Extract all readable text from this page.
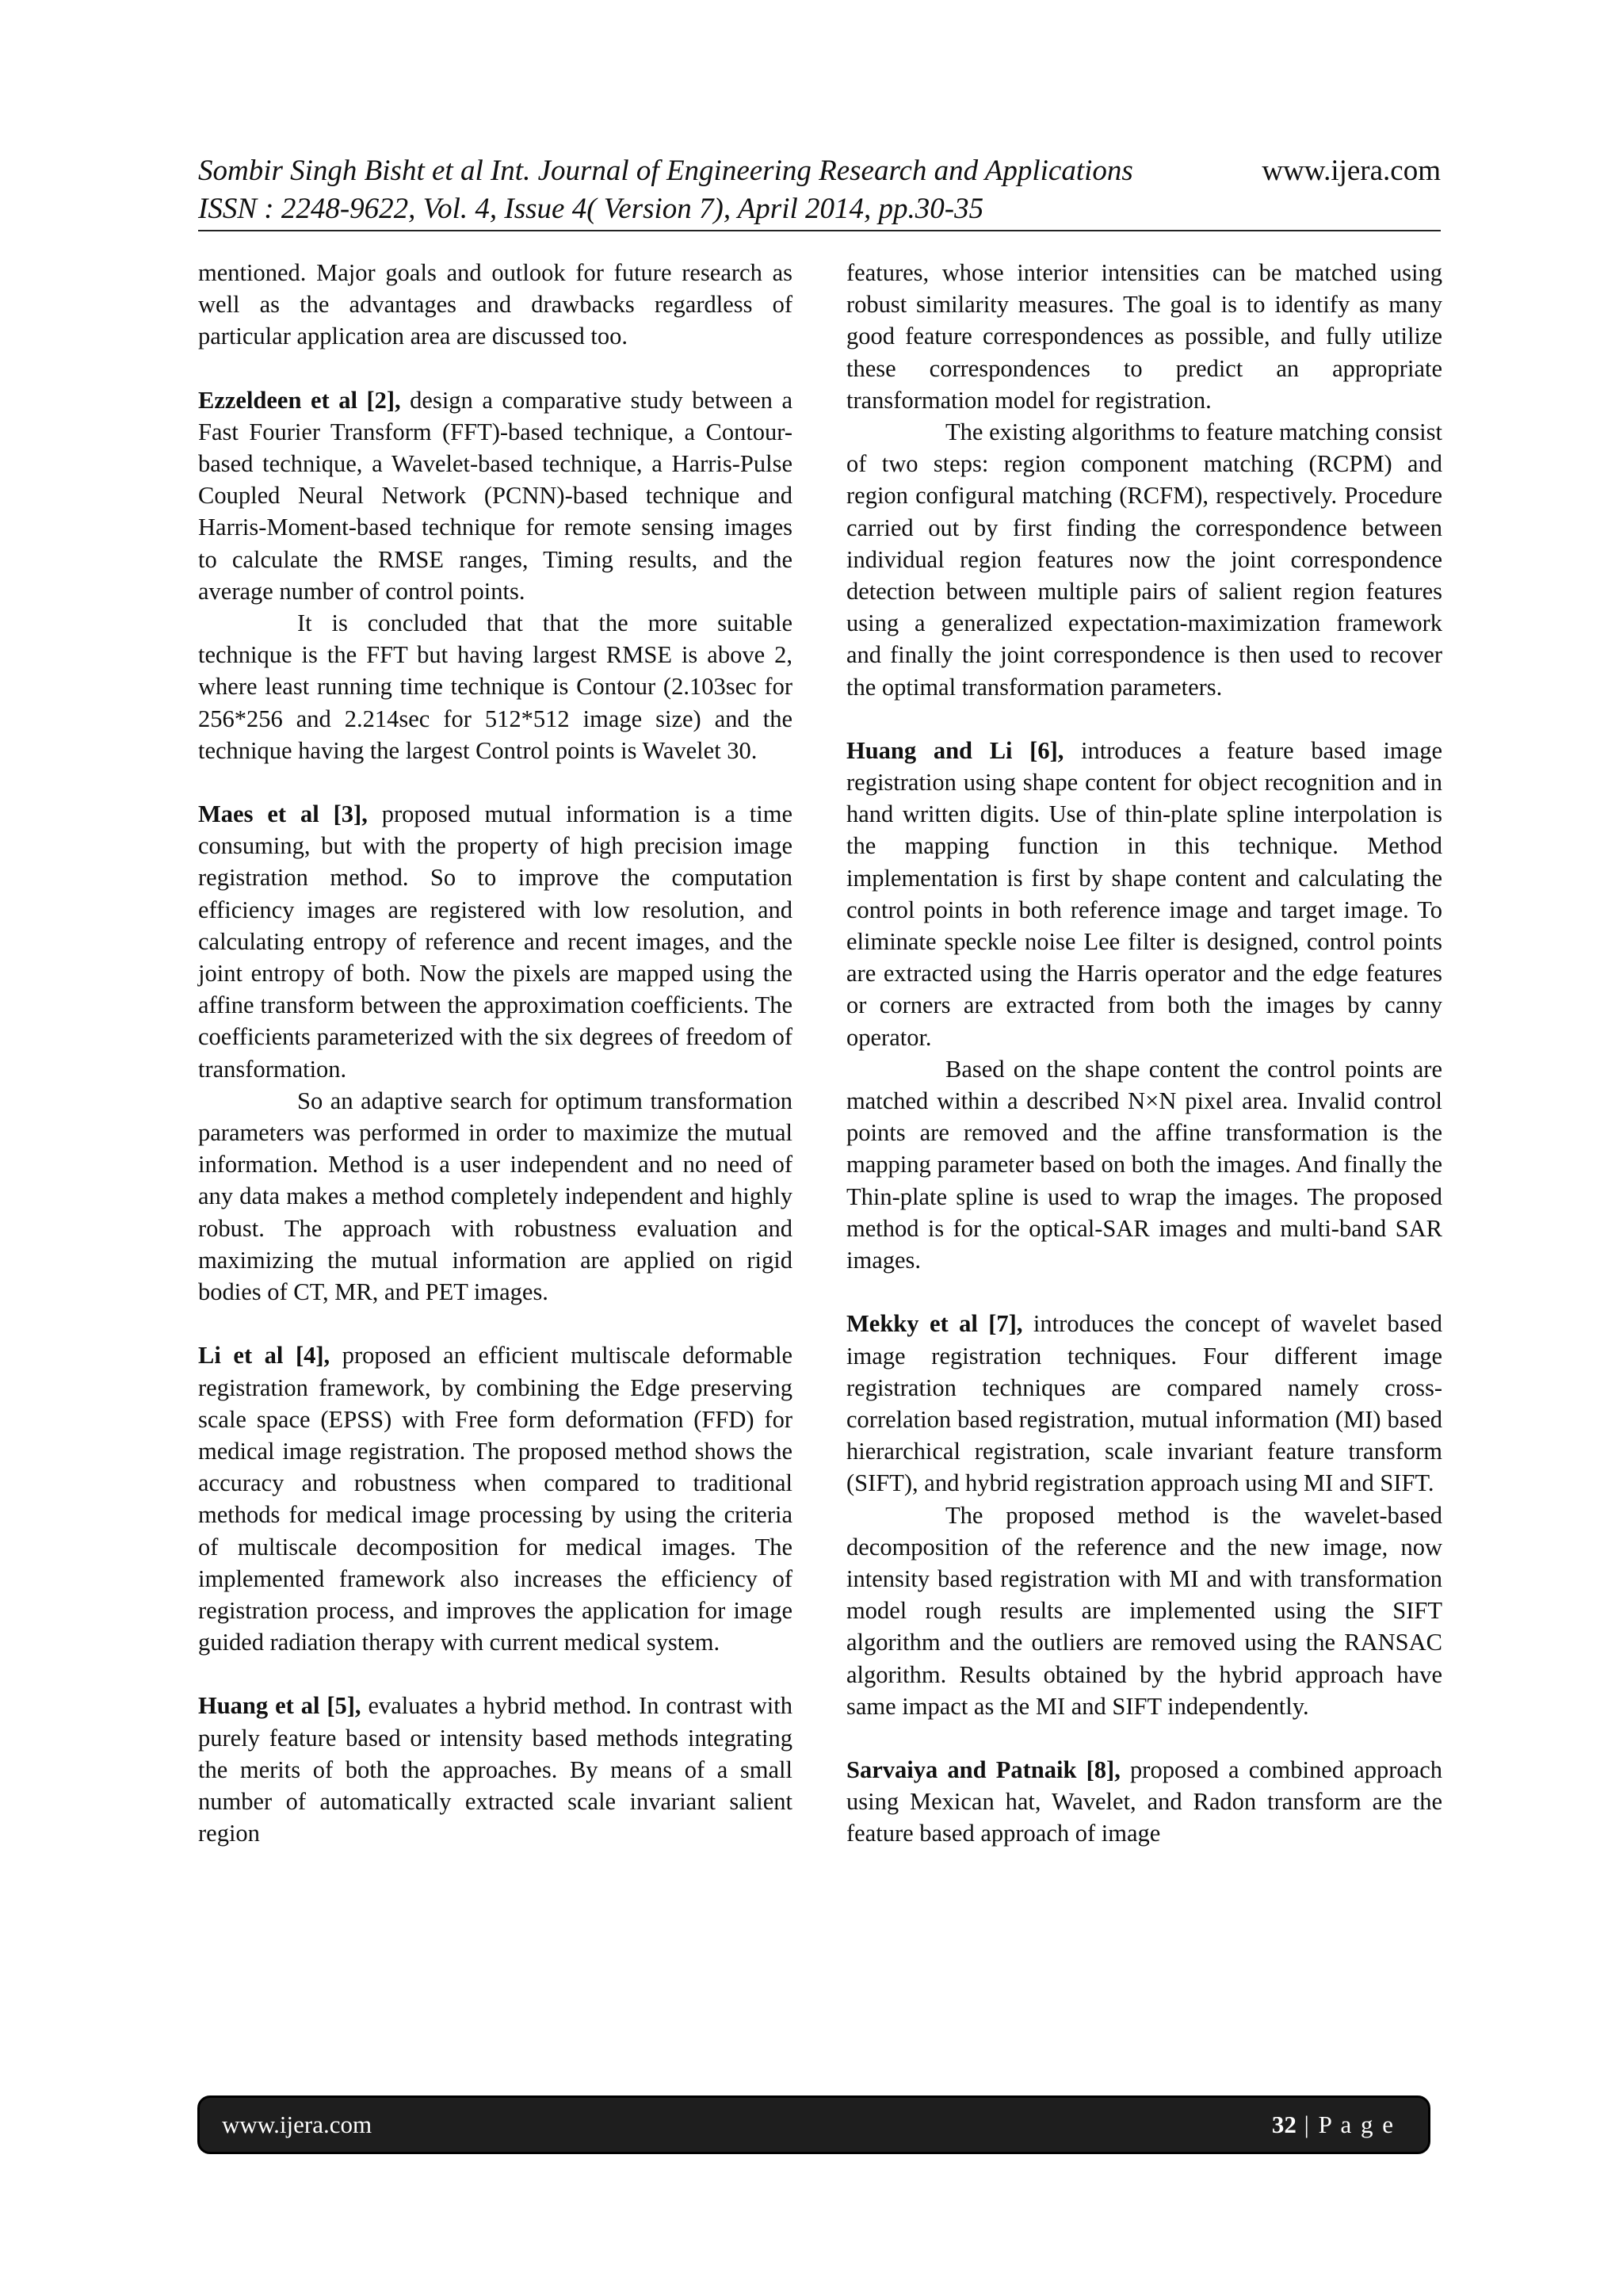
Sombir Singh Bisht et al Int. Journal of Engineering Research and Applications	www.ijera.com
ISSN : 2248-9622, Vol. 4, Issue 4( Version 7), April 2014, pp.30-35

mentioned. Major goals and outlook for future research as well as the advantages and drawbacks regardless of particular application area are discussed too.

Ezzeldeen et al [2], design a comparative study between a Fast Fourier Transform (FFT)-based technique, a Contour-based technique, a Wavelet-based technique, a Harris-Pulse Coupled Neural Network (PCNN)-based technique and Harris-Moment-based technique for remote sensing images to calculate the RMSE ranges, Timing results, and the average number of control points.

It is concluded that that the more suitable technique is the FFT but having largest RMSE is above 2, where least running time technique is Contour (2.103sec for 256*256 and 2.214sec for 512*512 image size) and the technique having the largest Control points is Wavelet 30.

Maes et al [3], proposed mutual information is a time consuming, but with the property of high precision image registration method. So to improve the computation efficiency images are registered with low resolution, and calculating entropy of reference and recent images, and the joint entropy of both. Now the pixels are mapped using the affine transform between the approximation coefficients. The coefficients parameterized with the six degrees of freedom of transformation.

So an adaptive search for optimum transformation parameters was performed in order to maximize the mutual information. Method is a user independent and no need of any data makes a method completely independent and highly robust. The approach with robustness evaluation and maximizing the mutual information are applied on rigid bodies of CT, MR, and PET images.

Li et al [4], proposed an efficient multiscale deformable registration framework, by combining the Edge preserving scale space (EPSS) with Free form deformation (FFD) for medical image registration. The proposed method shows the accuracy and robustness when compared to traditional methods for medical image processing by using the criteria of multiscale decomposition for medical images. The implemented framework also increases the efficiency of registration process, and improves the application for image guided radiation therapy with current medical system.

Huang et al [5], evaluates a hybrid method. In contrast with purely feature based or intensity based methods integrating the merits of both the approaches. By means of a small number of automatically extracted scale invariant salient region

features, whose interior intensities can be matched using robust similarity measures. The goal is to identify as many good feature correspondences as possible, and fully utilize these correspondences to predict an appropriate transformation model for registration.

The existing algorithms to feature matching consist of two steps: region component matching (RCPM) and region configural matching (RCFM), respectively. Procedure carried out by first finding the correspondence between individual region features now the joint correspondence detection between multiple pairs of salient region features using a generalized expectation-maximization framework and finally the joint correspondence is then used to recover the optimal transformation parameters.

Huang and Li [6], introduces a feature based image registration using shape content for object recognition and in hand written digits. Use of thin-plate spline interpolation is the mapping function in this technique. Method implementation is first by shape content and calculating the control points in both reference image and target image. To eliminate speckle noise Lee filter is designed, control points are extracted using the Harris operator and the edge features or corners are extracted from both the images by canny operator.

Based on the shape content the control points are matched within a described N×N pixel area. Invalid control points are removed and the affine transformation is the mapping parameter based on both the images. And finally the Thin-plate spline is used to wrap the images. The proposed method is for the optical-SAR images and multi-band SAR images.

Mekky et al [7], introduces the concept of wavelet based image registration techniques. Four different image registration techniques are compared namely cross-correlation based registration, mutual information (MI) based hierarchical registration, scale invariant feature transform (SIFT), and hybrid registration approach using MI and SIFT.

The proposed method is the wavelet-based decomposition of the reference and the new image, now intensity based registration with MI and with transformation model rough results are implemented using the SIFT algorithm and the outliers are removed using the RANSAC algorithm. Results obtained by the hybrid approach have same impact as the MI and SIFT independently.

Sarvaiya and Patnaik [8], proposed a combined approach using Mexican hat, Wavelet, and Radon transform are the feature based approach of image

www.ijera.com	32 | P a g e
